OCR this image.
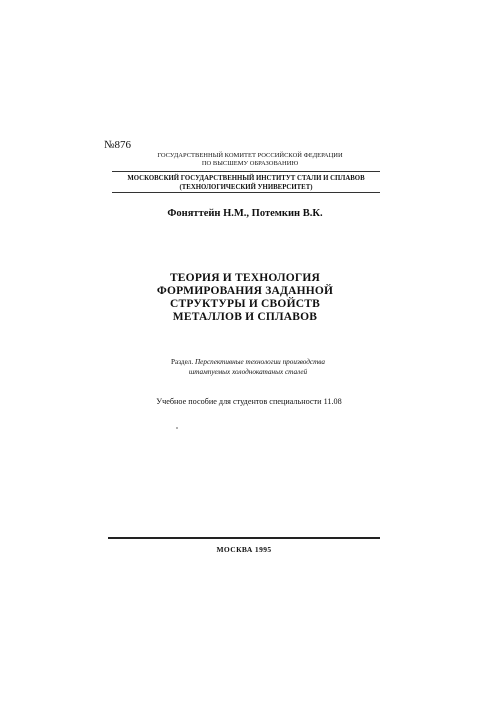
№876
ГОСУДАРСТВЕННЫЙ КОМИТЕТ РОССИЙСКОЙ ФЕДЕРАЦИИ
ПО ВЫСШЕМУ ОБРАЗОВАНИЮ
МОСКОВСКИЙ ГОСУДАРСТВЕННЫЙ ИНСТИТУТ СТАЛИ И СПЛАВОВ
(ТЕХНОЛОГИЧЕСКИЙ УНИВЕРСИТЕТ)
Фоняттейн Н.М., Потемкин В.К.
ТЕОРИЯ И ТЕХНОЛОГИЯ
ФОРМИРОВАНИЯ ЗАДАННОЙ
СТРУКТУРЫ И СВОЙСТВ
МЕТАЛЛОВ И СПЛАВОВ
Раздел. Перспективные технологии производства
штампуемых холоднокатаных сталей
Учебное пособие для студентов специальности 11.08
МОСКВА 1995
